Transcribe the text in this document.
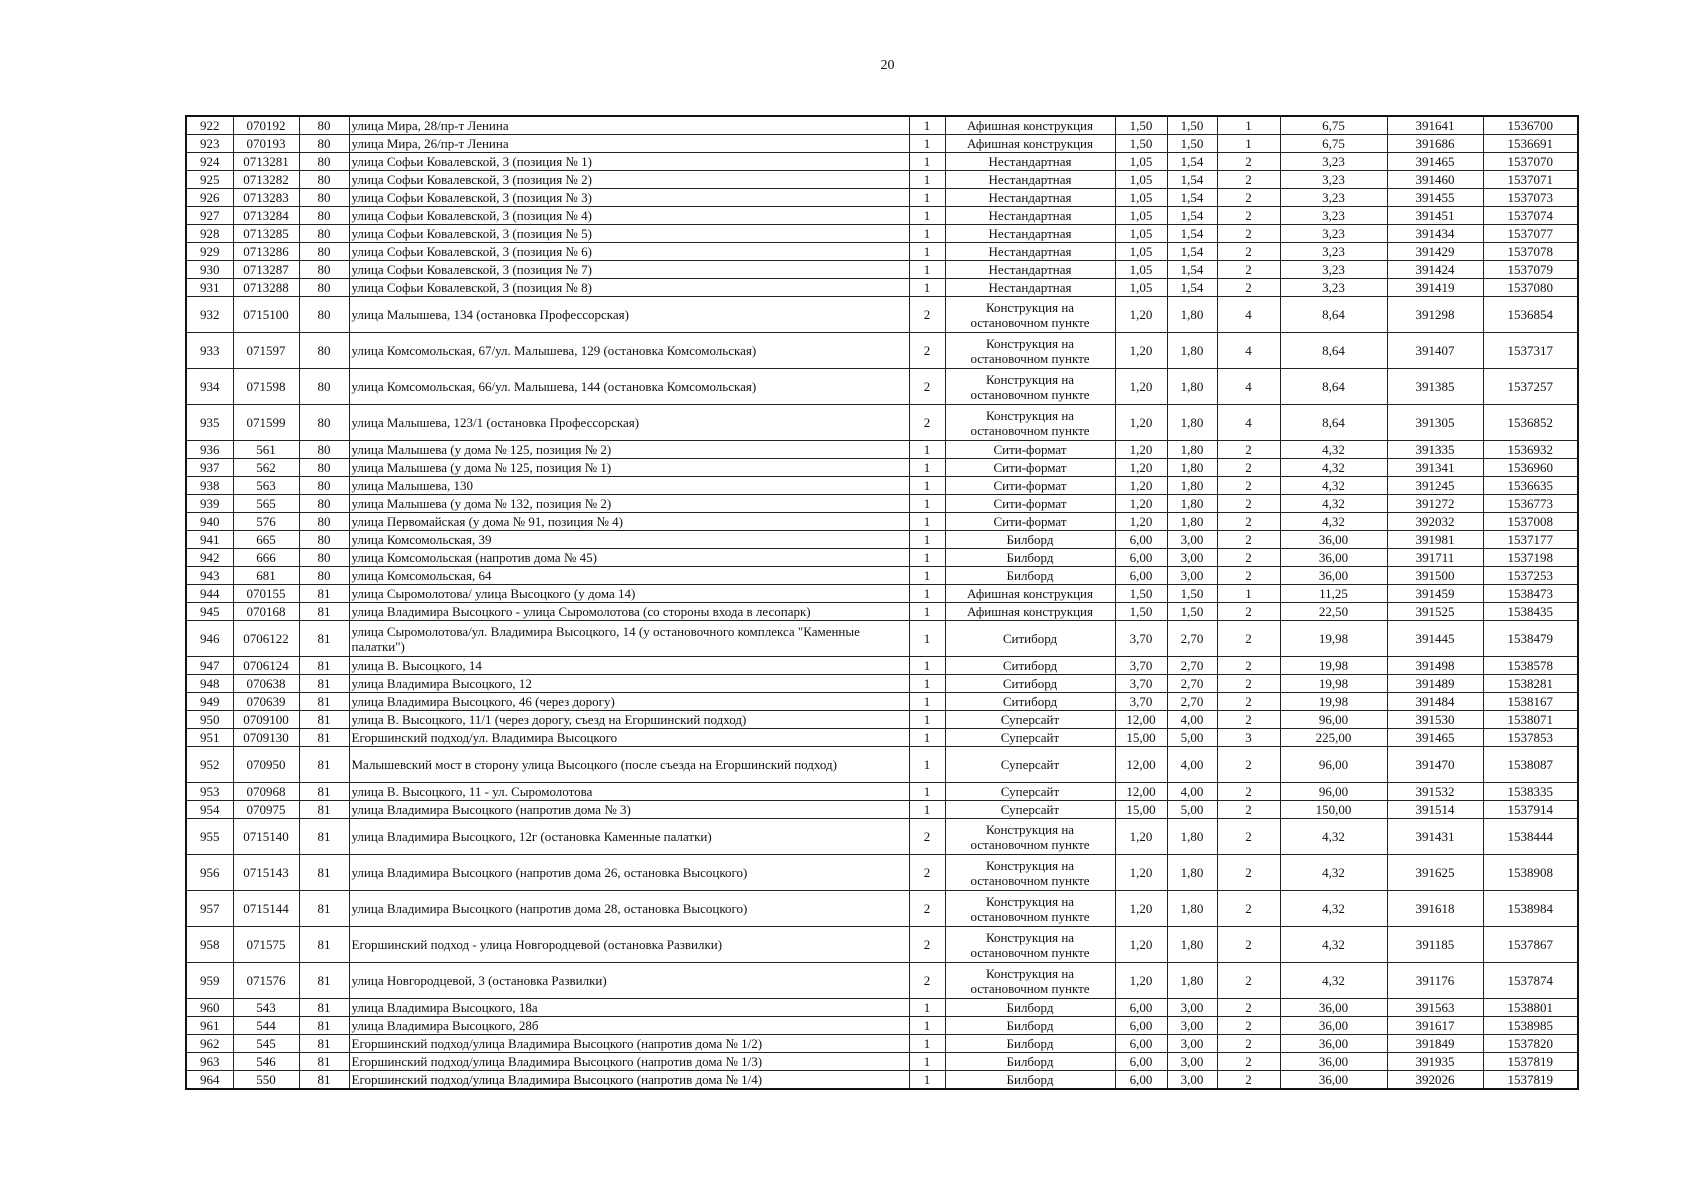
20
922	070192	80	улица Мира, 28/пр-т Ленина	1	Афишная конструкция	1,50	1,50	1	6,75	391641	1536700
923	070193	80	улица Мира, 26/пр-т Ленина	1	Афишная конструкция	1,50	1,50	1	6,75	391686	1536691
924	0713281	80	улица Софьи Ковалевской, 3 (позиция № 1)	1	Нестандартная	1,05	1,54	2	3,23	391465	1537070
925	0713282	80	улица Софьи Ковалевской, 3 (позиция № 2)	1	Нестандартная	1,05	1,54	2	3,23	391460	1537071
926	0713283	80	улица Софьи Ковалевской, 3 (позиция № 3)	1	Нестандартная	1,05	1,54	2	3,23	391455	1537073
927	0713284	80	улица Софьи Ковалевской, 3 (позиция № 4)	1	Нестандартная	1,05	1,54	2	3,23	391451	1537074
928	0713285	80	улица Софьи Ковалевской, 3 (позиция № 5)	1	Нестандартная	1,05	1,54	2	3,23	391434	1537077
929	0713286	80	улица Софьи Ковалевской, 3 (позиция № 6)	1	Нестандартная	1,05	1,54	2	3,23	391429	1537078
930	0713287	80	улица Софьи Ковалевской, 3 (позиция № 7)	1	Нестандартная	1,05	1,54	2	3,23	391424	1537079
931	0713288	80	улица Софьи Ковалевской, 3 (позиция № 8)	1	Нестандартная	1,05	1,54	2	3,23	391419	1537080
932	0715100	80	улица Малышева, 134 (остановка Профессорская)	2	Конструкция на остановочном пункте	1,20	1,80	4	8,64	391298	1536854
933	071597	80	улица Комсомольская, 67/ул. Малышева, 129 (остановка Комсомольская)	2	Конструкция на остановочном пункте	1,20	1,80	4	8,64	391407	1537317
934	071598	80	улица Комсомольская, 66/ул. Малышева, 144 (остановка Комсомольская)	2	Конструкция на остановочном пункте	1,20	1,80	4	8,64	391385	1537257
935	071599	80	улица Малышева, 123/1 (остановка Профессорская)	2	Конструкция на остановочном пункте	1,20	1,80	4	8,64	391305	1536852
936	561	80	улица Малышева (у дома № 125, позиция № 2)	1	Сити-формат	1,20	1,80	2	4,32	391335	1536932
937	562	80	улица Малышева (у дома № 125, позиция № 1)	1	Сити-формат	1,20	1,80	2	4,32	391341	1536960
938	563	80	улица Малышева, 130	1	Сити-формат	1,20	1,80	2	4,32	391245	1536635
939	565	80	улица Малышева (у дома № 132, позиция № 2)	1	Сити-формат	1,20	1,80	2	4,32	391272	1536773
940	576	80	улица Первомайская (у дома № 91, позиция № 4)	1	Сити-формат	1,20	1,80	2	4,32	392032	1537008
941	665	80	улица Комсомольская, 39	1	Билборд	6,00	3,00	2	36,00	391981	1537177
942	666	80	улица Комсомольская (напротив дома № 45)	1	Билборд	6,00	3,00	2	36,00	391711	1537198
943	681	80	улица Комсомольская, 64	1	Билборд	6,00	3,00	2	36,00	391500	1537253
944	070155	81	улица Сыромолотова/ улица Высоцкого (у дома 14)	1	Афишная конструкция	1,50	1,50	1	11,25	391459	1538473
945	070168	81	улица Владимира Высоцкого - улица Сыромолотова (со стороны входа в лесопарк)	1	Афишная конструкция	1,50	1,50	2	22,50	391525	1538435
946	0706122	81	улица Сыромолотова/ул. Владимира Высоцкого, 14 (у остановочного комплекса "Каменные палатки")	1	Ситиборд	3,70	2,70	2	19,98	391445	1538479
947	0706124	81	улица В. Высоцкого, 14	1	Ситиборд	3,70	2,70	2	19,98	391498	1538578
948	070638	81	улица Владимира Высоцкого, 12	1	Ситиборд	3,70	2,70	2	19,98	391489	1538281
949	070639	81	улица Владимира Высоцкого, 46 (через дорогу)	1	Ситиборд	3,70	2,70	2	19,98	391484	1538167
950	0709100	81	улица В. Высоцкого, 11/1 (через дорогу, съезд на Егоршинский подход)	1	Суперсайт	12,00	4,00	2	96,00	391530	1538071
951	0709130	81	Егоршинский подход/ул. Владимира Высоцкого	1	Суперсайт	15,00	5,00	3	225,00	391465	1537853
952	070950	81	Малышевский мост в сторону улица Высоцкого (после съезда на Егоршинский подход)	1	Суперсайт	12,00	4,00	2	96,00	391470	1538087
953	070968	81	улица В. Высоцкого, 11 - ул. Сыромолотова	1	Суперсайт	12,00	4,00	2	96,00	391532	1538335
954	070975	81	улица Владимира Высоцкого (напротив дома № 3)	1	Суперсайт	15,00	5,00	2	150,00	391514	1537914
955	0715140	81	улица Владимира Высоцкого, 12г (остановка Каменные палатки)	2	Конструкция на остановочном пункте	1,20	1,80	2	4,32	391431	1538444
956	0715143	81	улица Владимира Высоцкого (напротив дома 26, остановка Высоцкого)	2	Конструкция на остановочном пункте	1,20	1,80	2	4,32	391625	1538908
957	0715144	81	улица Владимира Высоцкого (напротив дома 28, остановка Высоцкого)	2	Конструкция на остановочном пункте	1,20	1,80	2	4,32	391618	1538984
958	071575	81	Егоршинский подход - улица Новгородцевой (остановка Развилки)	2	Конструкция на остановочном пункте	1,20	1,80	2	4,32	391185	1537867
959	071576	81	улица Новгородцевой, 3 (остановка Развилки)	2	Конструкция на остановочном пункте	1,20	1,80	2	4,32	391176	1537874
960	543	81	улица Владимира Высоцкого, 18а	1	Билборд	6,00	3,00	2	36,00	391563	1538801
961	544	81	улица Владимира Высоцкого, 28б	1	Билборд	6,00	3,00	2	36,00	391617	1538985
962	545	81	Егоршинский подход/улица Владимира Высоцкого (напротив дома № 1/2)	1	Билборд	6,00	3,00	2	36,00	391849	1537820
963	546	81	Егоршинский подход/улица Владимира Высоцкого (напротив дома № 1/3)	1	Билборд	6,00	3,00	2	36,00	391935	1537819
964	550	81	Егоршинский подход/улица Владимира Высоцкого (напротив дома № 1/4)	1	Билборд	6,00	3,00	2	36,00	392026	1537819
